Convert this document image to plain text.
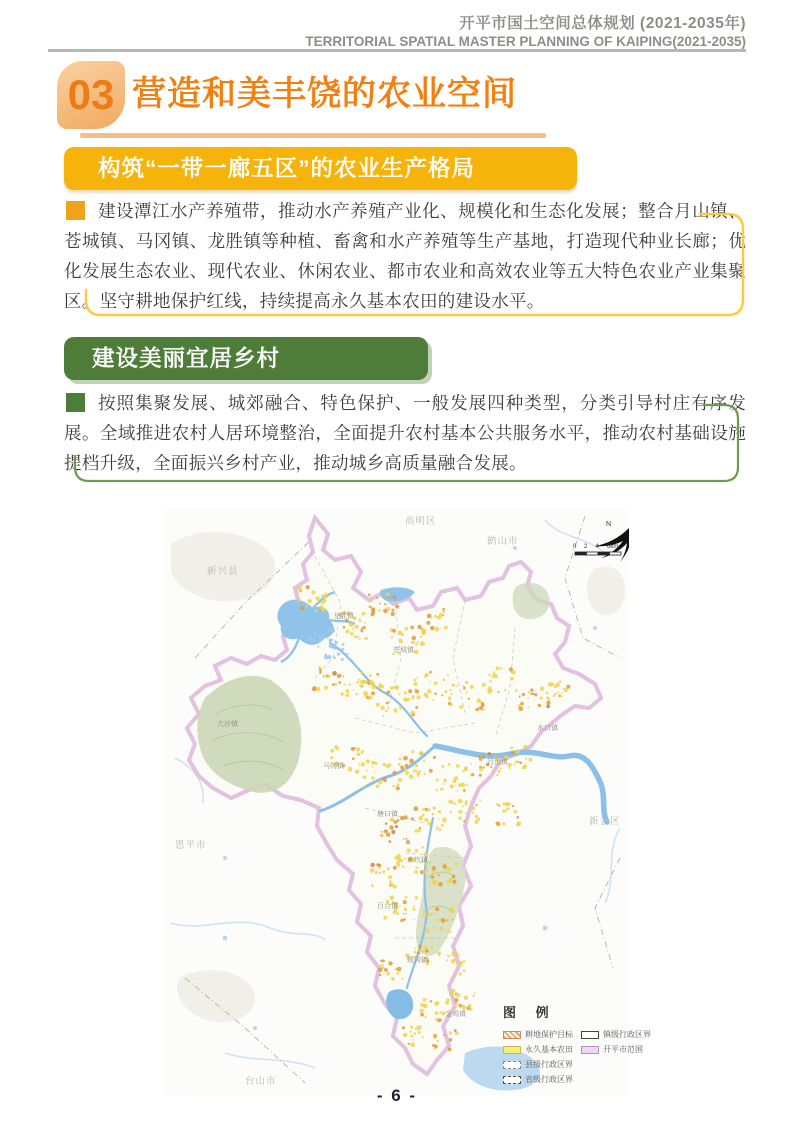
开平市国土空间总体规划 (2021-2035年)
TERRITORIAL SPATIAL MASTER PLANNING OF KAIPING(2021-2035)
03 营造和美丰饶的农业空间
构筑“一带一廊五区”的农业生产格局
建设潭江水产养殖带，推动水产养殖产业化、规模化和生态化发展；整合月山镇、苍城镇、马冈镇、龙胜镇等种植、畜禽和水产养殖等生产基地，打造现代种业长廊；优化发展生态农业、现代农业、休闲农业、都市农业和高效农业等五大特色农业产业集聚区。坚守耕地保护红线，持续提高永久基本农田的建设水平。
建设美丽宜居乡村
按照集聚发展、城郊融合、特色保护、一般发展四种类型，分类引导村庄有序发展。全域推进农村人居环境整治，全面提升农村基本公共服务水平，推动农村基础设施提档升级，全面振兴乡村产业，推动城乡高质量融合发展。
高明区
鹤山市
新兴县
新会区
恩平市
台山市
大沙镇
龙胜镇
苍城镇
马冈镇
塘口镇
赤坎镇
百合镇
蚬冈镇
金鸡镇
月山镇
水口镇
N
0 2 4 6km
图 例
耕地保护目标
永久基本农田
县级行政区界
省级行政区界
镇级行政区界
开平市范围
- 6 -
